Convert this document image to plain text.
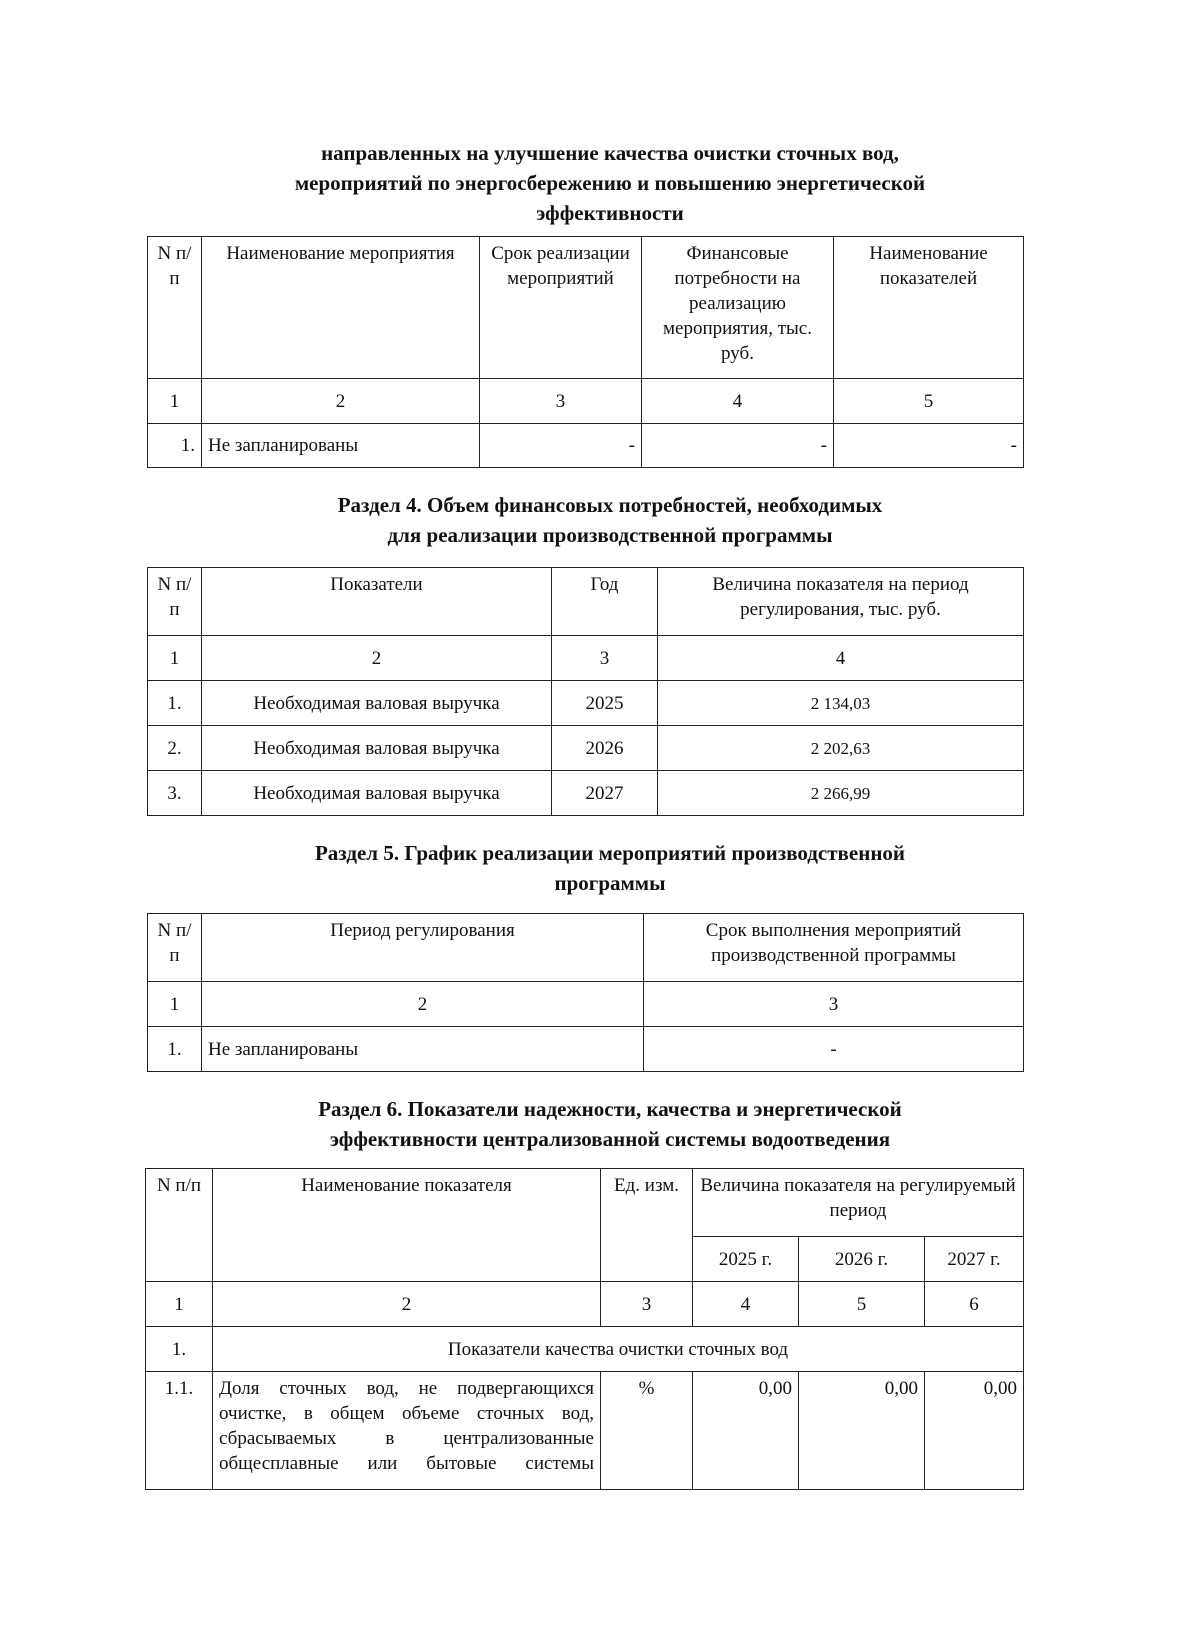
направленных на улучшение качества очистки сточных вод,
мероприятий по энергосбережению и повышению энергетической
эффективности
N п/п	Наименование мероприятия	Срок реализации мероприятий	Финансовые потребности на реализацию мероприятия, тыс. руб.	Наименование показателей
1	2	3	4	5
1.	Не запланированы	-	-	-
Раздел 4. Объем финансовых потребностей, необходимых
для реализации производственной программы
N п/п	Показатели	Год	Величина показателя на период регулирования, тыс. руб.
1	2	3	4
1.	Необходимая валовая выручка	2025	2 134,03
2.	Необходимая валовая выручка	2026	2 202,63
3.	Необходимая валовая выручка	2027	2 266,99
Раздел 5. График реализации мероприятий производственной
программы
N п/п	Период регулирования	Срок выполнения мероприятий производственной программы
1	2	3
1.	Не запланированы	-
Раздел 6. Показатели надежности, качества и энергетической
эффективности централизованной системы водоотведения
N п/п	Наименование показателя	Ед. изм.	Величина показателя на регулируемый период		
			2025 г.	2026 г.	2027 г.
1	2	3	4	5	6
1.	Показатели качества очистки сточных вод				
1.1.	Доля сточных вод, не подвергающихся
очистке, в общем объеме сточных вод,
сбрасываемых в централизованные
общесплавные или бытовые системы	%	0,00	0,00	0,00
